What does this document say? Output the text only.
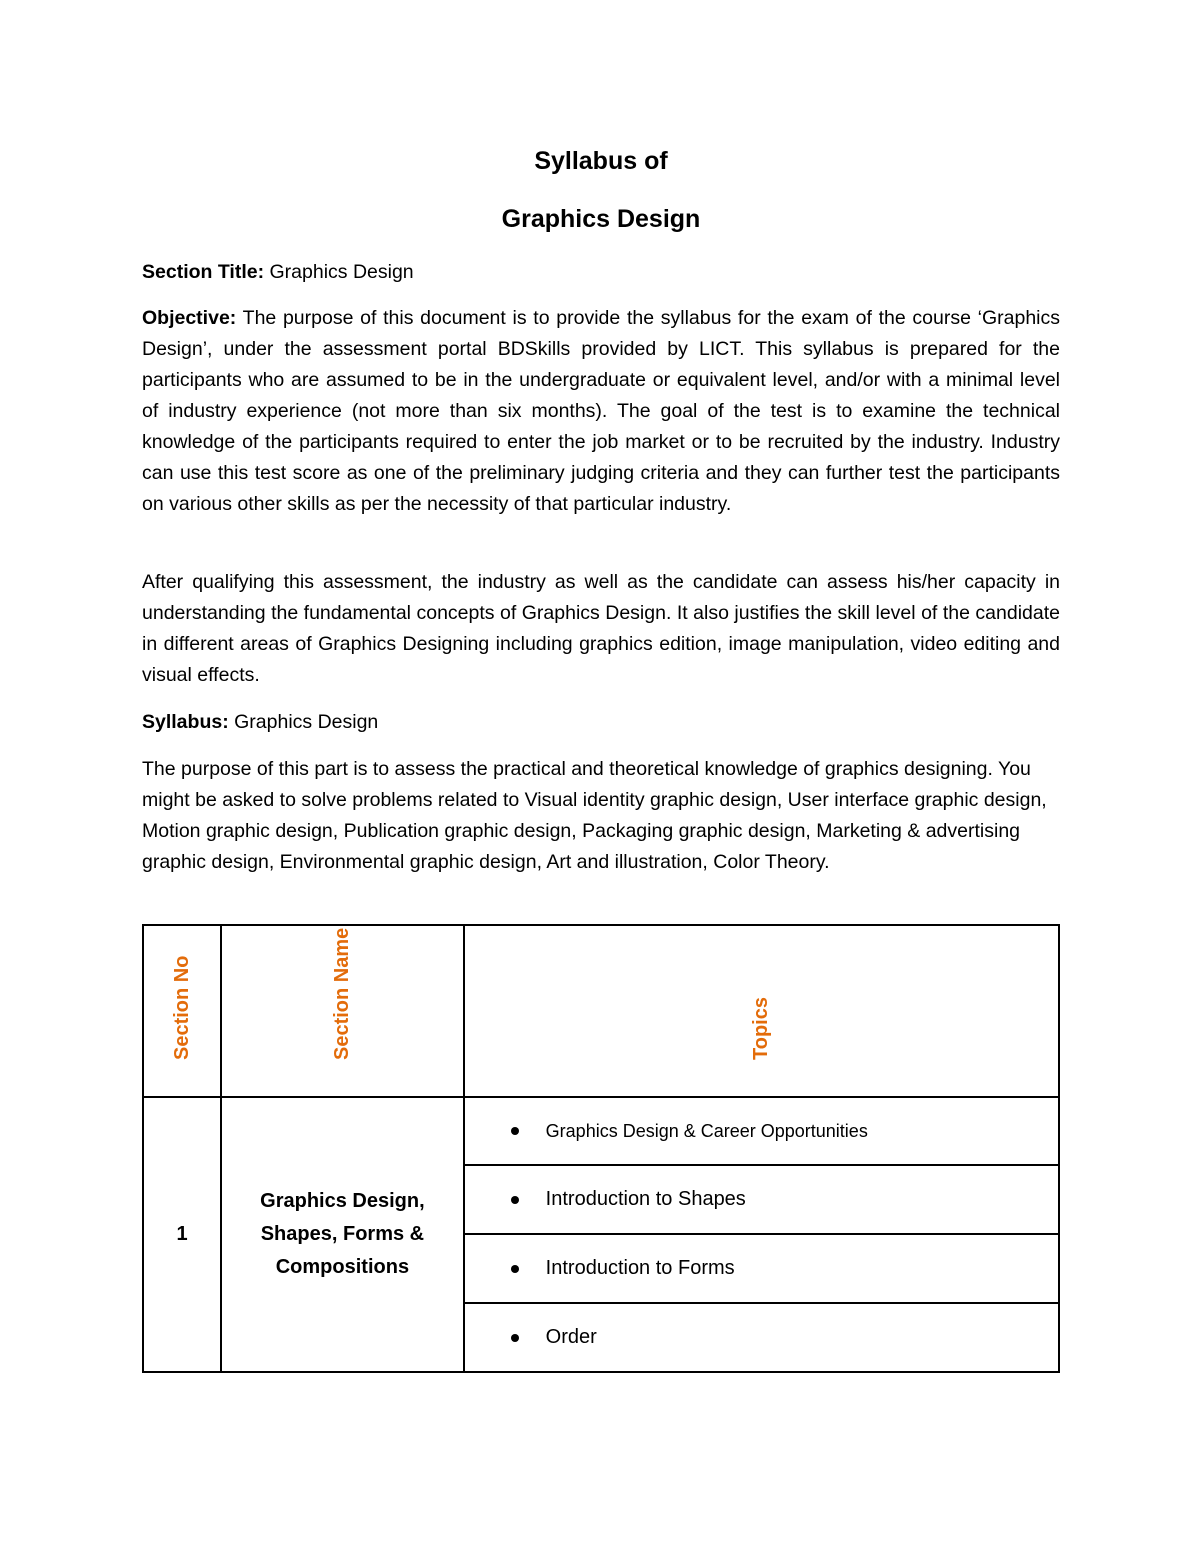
Syllabus of
Graphics Design

Section Title: Graphics Design

Objective: The purpose of this document is to provide the syllabus for the exam of the course ‘Graphics Design’, under the assessment portal BDSkills provided by LICT. This syllabus is prepared for the participants who are assumed to be in the undergraduate or equivalent level, and/or with a minimal level of industry experience (not more than six months). The goal of the test is to examine the technical knowledge of the participants required to enter the job market or to be recruited by the industry. Industry can use this test score as one of the preliminary judging criteria and they can further test the participants on various other skills as per the necessity of that particular industry.

After qualifying this assessment, the industry as well as the candidate can assess his/her capacity in understanding the fundamental concepts of Graphics Design. It also justifies the skill level of the candidate in different areas of Graphics Designing including graphics edition, image manipulation, video editing and visual effects.

Syllabus: Graphics Design

The purpose of this part is to assess the practical and theoretical knowledge of graphics designing. You might be asked to solve problems related to Visual identity graphic design, User interface graphic design, Motion graphic design, Publication graphic design, Packaging graphic design, Marketing & advertising graphic design, Environmental graphic design, Art and illustration, Color Theory.

Section No	Section Name	Topics

1	Graphics Design, Shapes, Forms & Compositions	Graphics Design & Career Opportunities

Introduction to Shapes

Introduction to Forms

Order
